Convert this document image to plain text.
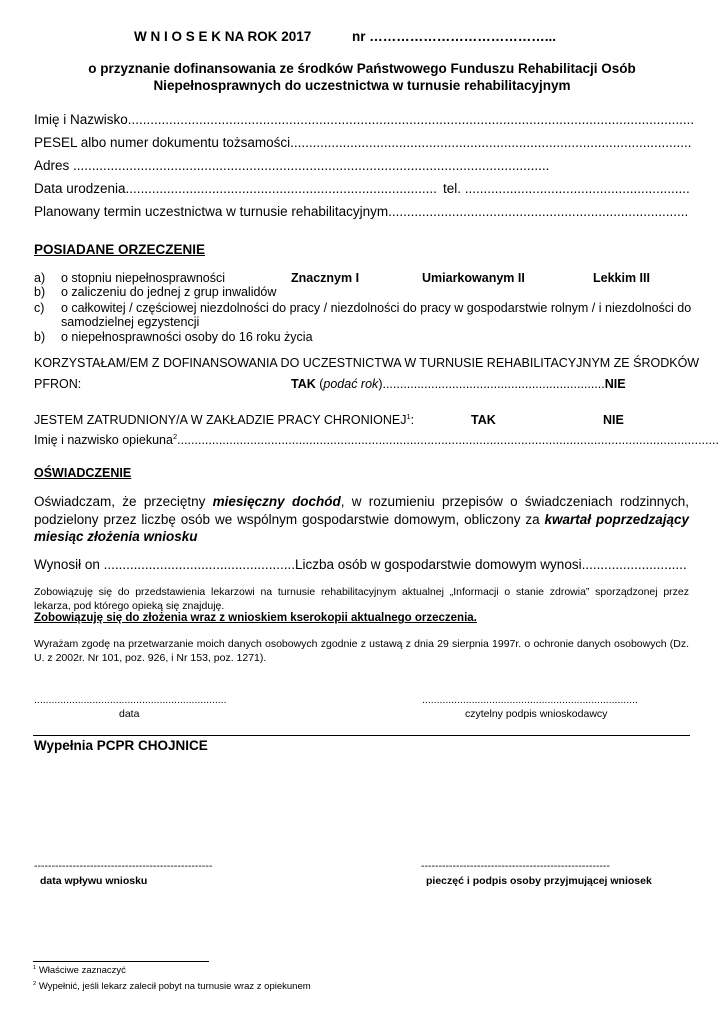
W N I O S E K NA ROK 2017	nr …………………………………...
o przyznanie dofinansowania ze środków Państwowego Funduszu Rehabilitacji Osób
Niepełnosprawnych do uczestnictwa w turnusie rehabilitacyjnym
Imię i Nazwisko.......................................................................................................................................................
PESEL albo numer dokumentu tożsamości...........................................................................................................
Adres ...............................................................................................................................
Data urodzenia................................................................................... tel. ............................................................
Planowany termin uczestnictwa w turnusie rehabilitacyjnym................................................................................
POSIADANE ORZECZENIE
a) o stopniu niepełnosprawności	Znacznym I	Umiarkowanym II	Lekkim III
b) o zaliczeniu do jednej z grup inwalidów
c) o całkowitej / częściowej niezdolności do pracy / niezdolności do pracy w gospodarstwie rolnym / i niezdolności do
samodzielnej egzystencji
b) o niepełnosprawności osoby do 16 roku życia
KORZYSTAŁAM/EM Z DOFINANSOWANIA DO UCZESTNICTWA W TURNUSIE REHABILITACYJNYM ZE ŚRODKÓW
PFRON:	TAK (podać rok)................................................................NIE
JESTEM ZATRUDNIONY/A W ZAKŁADZIE PRACY CHRONIONEJ$^1$:	TAK	NIE
Imię i nazwisko opiekuna$^2$............................................................................................................................................................
OŚWIADCZENIE
Oświadczam, że przeciętny miesięczny dochód, w rozumieniu przepisów o świadczeniach rodzinnych, podzielony przez liczbę osób we wspólnym gospodarstwie domowym, obliczony za kwartał poprzedzający miesiąc złożenia wniosku
Wynosił on ...................................................Liczba osób w gospodarstwie domowym wynosi............................
Zobowiązuję się do przedstawienia lekarzowi na turnusie rehabilitacyjnym aktualnej „Informacji o stanie zdrowia” sporządzonej przez lekarza, pod którego opieką się znajduję.
Zobowiązuję się do złożenia wraz z wnioskiem kserokopii aktualnego orzeczenia.
Wyrażam zgodę na przetwarzanie moich danych osobowych zgodnie z ustawą z dnia 29 sierpnia 1997r. o ochronie danych osobowych (Dz. U. z 2002r. Nr 101, poz. 926, i Nr 153, poz. 1271).
..................................................................	..........................................................................
data	czytelny podpis wnioskodawcy
Wypełnia PCPR CHOJNICE
---------------------------------------------------	------------------------------------------------------
data wpływu wniosku	pieczęć i podpis osoby przyjmującej wniosek
$^1$ Właściwe zaznaczyć
$^2$ Wypełnić, jeśli lekarz zalecił pobyt na turnusie wraz z opiekunem
